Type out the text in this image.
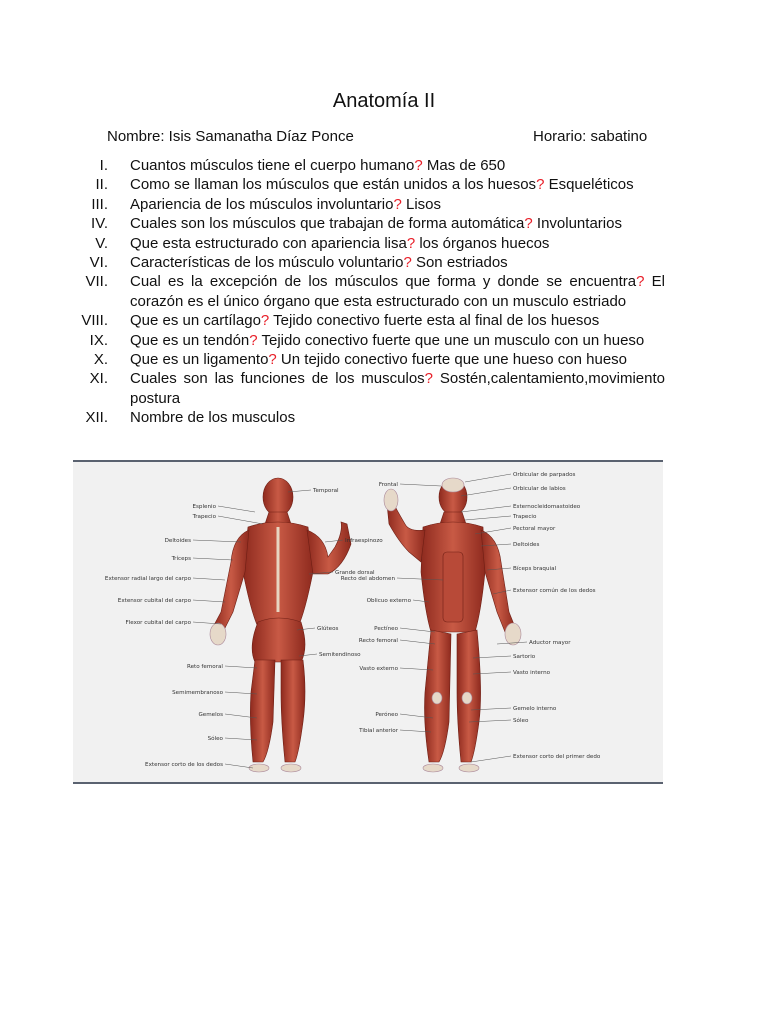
Anatomía II
Nombre: Isis Samanatha Díaz Ponce	Horario: sabatino
I. Cuantos músculos tiene el cuerpo humano? Mas de 650
II. Como se llaman los músculos que están unidos a los huesos? Esqueléticos
III. Apariencia de los músculos involuntario? Lisos
IV. Cuales son los músculos que trabajan de forma automática? Involuntarios
V. Que esta estructurado con apariencia lisa? los órganos huecos
VI. Características de los músculo voluntario? Son estriados
VII. Cual es la excepción de los músculos que forma y donde se encuentra? El corazón es el único órgano que esta estructurado con un musculo estriado
VIII. Que es un cartílago? Tejido conectivo fuerte esta al final de los huesos
IX. Que es un tendón? Tejido conectivo fuerte que une un musculo con un hueso
X. Que es un ligamento? Un tejido conectivo fuerte que une hueso con hueso
XI. Cuales son las funciones de los musculos? Sostén,calentamiento,movimiento postura
XII. Nombre de los musculos
Esplenio
Trapecio
Deltoides
Tríceps
Extensor radial largo del carpo
Extensor cubital del carpo
Flexor cubital del carpo
Reto femoral
Semimembranoso
Gemelos
Sóleo
Extensor corto de los dedos
Temporal
Infraespinozo
Grande dorsal
Glúteos
Semitendinoso
Frontal
Recto del abdomen
Oblicuo externo
Pectíneo
Recto femoral
Vasto externo
Peróneo
Tibial anterior
Orbicular de parpados
Orbicular de labios
Esternocleidomastoideo
Trapecio
Pectoral mayor
Deltoides
Bíceps braquial
Extensor común de los dedos
Aductor mayor
Sartorio
Vasto interno
Gemelo interno
Sóleo
Extensor corto del primer dedo
